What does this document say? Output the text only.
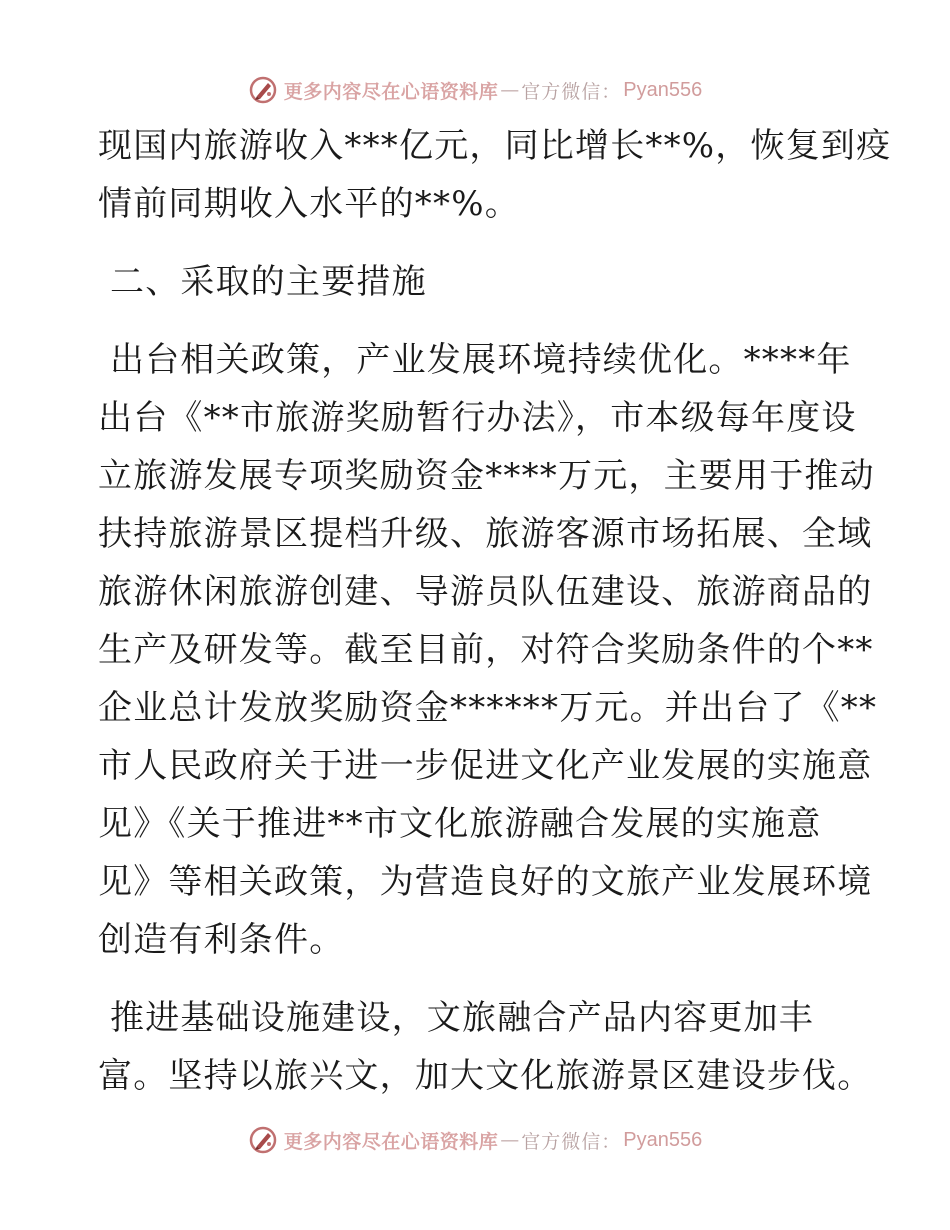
更多内容尽在心语资料库 — 官方微信： Pyan556
现国内旅游收入***亿元，同比增长**%，恢复到疫
情前同期收入水平的**%。
二、采取的主要措施
出台相关政策，产业发展环境持续优化。****年
出台《**市旅游奖励暂行办法》，市本级每年度设
立旅游发展专项奖励资金****万元，主要用于推动
扶持旅游景区提档升级、旅游客源市场拓展、全域
旅游休闲旅游创建、导游员队伍建设、旅游商品的
生产及研发等。截至目前，对符合奖励条件的个**
企业总计发放奖励资金******万元。并出台了《**
市人民政府关于进一步促进文化产业发展的实施意
见》《关于推进**市文化旅游融合发展的实施意
见》等相关政策，为营造良好的文旅产业发展环境
创造有利条件。
推进基础设施建设，文旅融合产品内容更加丰
富。坚持以旅兴文，加大文化旅游景区建设步伐。
更多内容尽在心语资料库 — 官方微信： Pyan556
